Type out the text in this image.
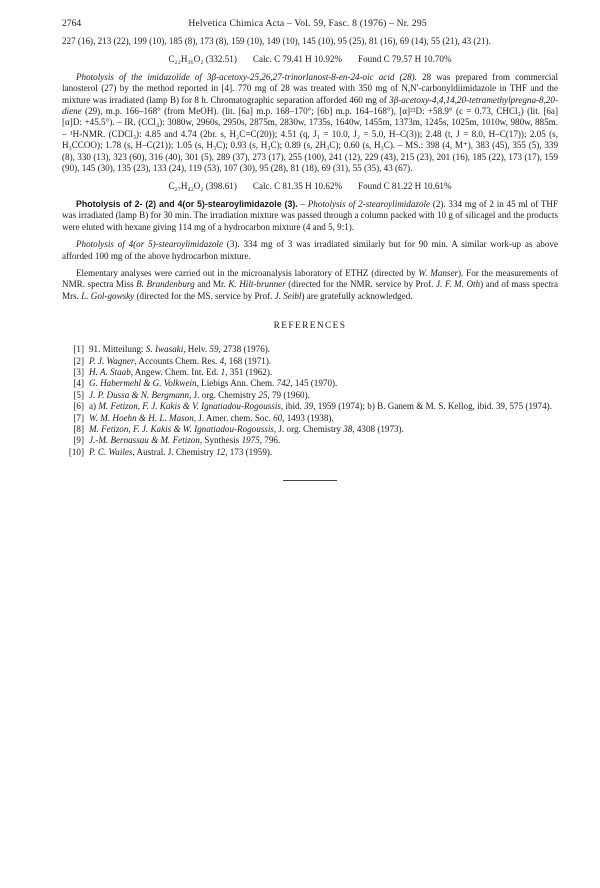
2764	Helvetica Chimica Acta – Vol. 59, Fasc. 8 (1976) – Nr. 295

227 (16), 213 (22), 199 (10), 185 (8), 173 (8), 159 (10), 149 (10), 145 (10), 95 (25), 81 (16), 69 (14), 55 (21), 43 (21).

C₂₂H₃₆O₂ (332.51) Calc. C 79.41 H 10.92% Found C 79.57 H 10.70%

Photolysis of the imidazolide of 3β-acetoxy-25,26,27-trinorlanost-8-en-24-oic acid (28). 28 was prepared from commercial lanosterol (27) by the method reported in [4]. 770 mg of 28 was treated with 350 mg of N,N'-carbonyldiimidazole in THF and the mixture was irradiated (lamp B) for 8 h. Chromatographic separation afforded 460 mg of 3β-acetoxy-4,4,14,20-tetramethylpregna-8,20-diene (29), m.p. 166–168° (from MeOH). (lit. [6a] m.p. 168–170°; [6b] m.p. 164–168°), [α]²²D: +58.9° (c = 0.73, CHCl₃) (lit. [6a] [α]D: +45.5°). – IR. (CCl₄): 3080w, 2960s, 2950s, 2875m, 2830w, 1735s, 1640w, 1455m, 1373m, 1245s, 1025m, 1010w, 980w, 885m. – ¹H-NMR. (CDCl₃): 4.85 and 4.74 (2br. s, H₂C=C(20)); 4.51 (q, J₁ = 10.0, J₂ = 5.0, H–C(3)); 2.48 (t, J = 8.0, H–C(17)); 2.05 (s, H₃CCOO); 1.78 (s, H–C(21)); 1.05 (s, H₃C); 0.93 (s, H₃C); 0.89 (s, 2H₃C); 0.60 (s, H₃C). – MS.: 398 (4, M⁺), 383 (45), 355 (5), 339 (8), 330 (13), 323 (60), 316 (40), 301 (5), 289 (37), 273 (17), 255 (100), 241 (12), 229 (43), 215 (23), 201 (16), 185 (22), 173 (17), 159 (90), 145 (30), 135 (23), 133 (24), 119 (53), 107 (30), 95 (28), 81 (18), 69 (31), 55 (35), 43 (67).

C₂₇H₄₂O₂ (398.61) Calc. C 81.35 H 10.62% Found C 81.22 H 10.61%

Photolysis of 2- (2) and 4(or 5)-stearoylimidazole (3). – Photolysis of 2-stearoylimidazole (2). 334 mg of 2 in 45 ml of THF was irradiated (lamp B) for 30 min. The irradiation mixture was passed through a column packed with 10 g of silicagel and the products were eluted with hexane giving 114 mg of a hydrocarbon mixture (4 and 5, 9:1).

Photolysis of 4(or 5)-stearoylimidazole (3). 334 mg of 3 was irradiated similarly but for 90 min. A similar work-up as above afforded 100 mg of the above hydrocarbon mixture.

Elementary analyses were carried out in the microanalysis laboratory of ETHZ (directed by W. Manser). For the measurements of NMR. spectra Miss B. Brandenburg and Mr. K. Hilt-brunner (directed for the NMR. service by Prof. J. F. M. Oth) and of mass spectra Mrs. L. Gol-gowsky (directed for the MS. service by Prof. J. Seibl) are gratefully acknowledged.

REFERENCES
[1] 91. Mitteilung: S. Iwasaki, Helv. 59, 2738 (1976).
[2] P. J. Wagner, Accounts Chem. Res. 4, 168 (1971).
[3] H. A. Staab, Angew. Chem. Int. Ed. 1, 351 (1962).
[4] G. Habermehl & G. Volkwein, Liebigs Ann. Chem. 742, 145 (1970).
[5] J. P. Dussa & N. Bergmann, J. org. Chemistry 25, 79 (1960).
[6] a) M. Fetizon, F. J. Kakis & V. Ignatiadou-Rogoussis, ibid. 39, 1959 (1974); b) B. Ganem & M. S. Kellog, ibid. 39, 575 (1974).
[7] W. M. Hoehn & H. L. Mason, J. Amer. chem. Soc. 60, 1493 (1938).
[8] M. Fetizon, F. J. Kakis & W. Ignatiadou-Rogoussis, J. org. Chemistry 38, 4308 (1973).
[9] J.-M. Bernassau & M. Fetizon, Synthesis 1975, 796.
[10] P. C. Wailes, Austral. J. Chemistry 12, 173 (1959).
